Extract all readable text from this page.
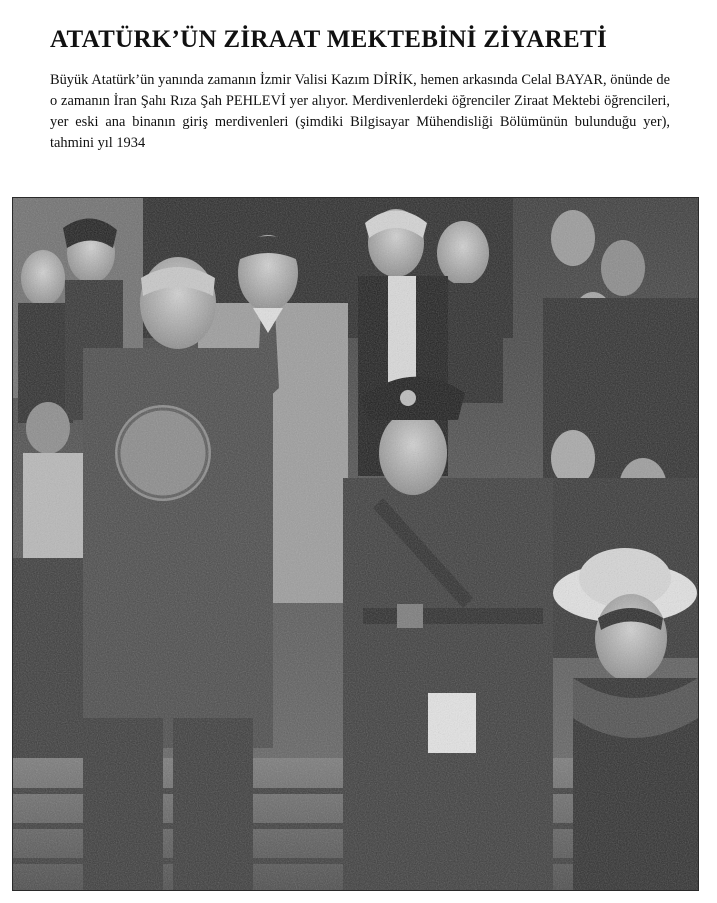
ATATÜRK’ÜN ZİRAAT MEKTEBİNİ ZİYARETİ
Büyük Atatürk’ün yanında zamanın İzmir Valisi Kazım DİRİK, hemen arkasında Celal BAYAR, önünde de o zamanın İran Şahı Rıza Şah PEHLEVİ yer alıyor. Merdivenlerdeki öğrenciler Ziraat Mektebi öğrencileri, yer eski ana binanın giriş merdivenleri (şimdiki Bilgisayar Mühendisliği Bölümünün bulunduğu yer), tahmini yıl 1934
